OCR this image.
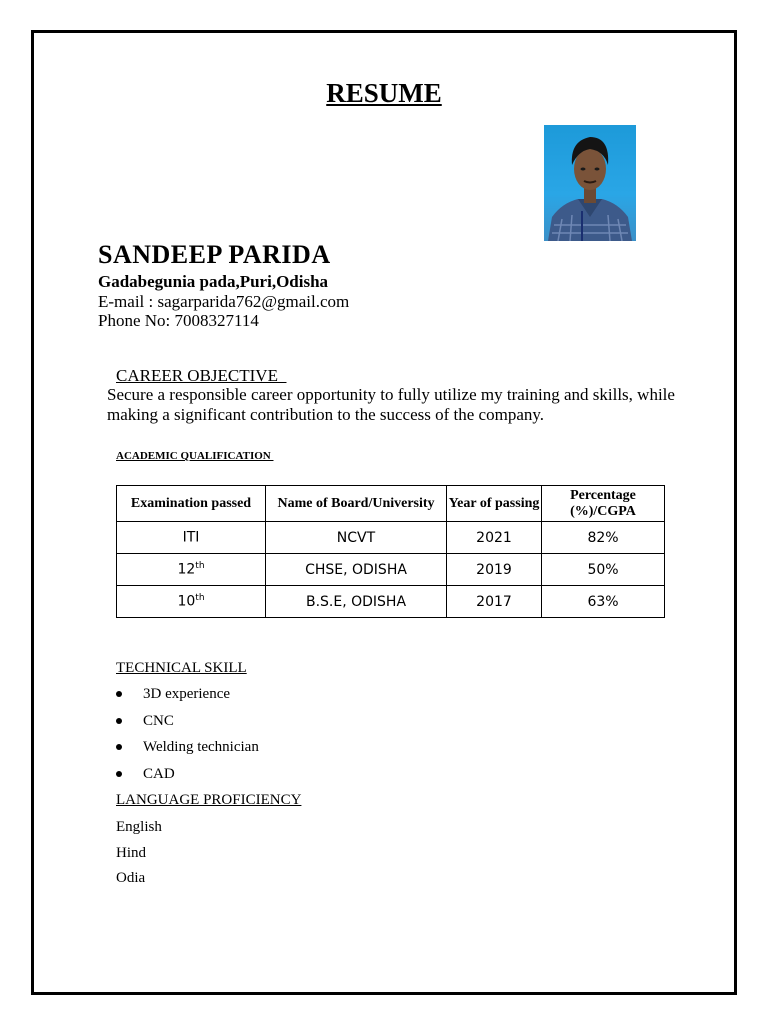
RESUME
SANDEEP PARIDA
Gadabegunia pada,Puri,Odisha
E-mail : sagarparida762@gmail.com
Phone No: 7008327114
CAREER OBJECTIVE
Secure a responsible career opportunity to fully utilize my training and skills, while making a significant contribution to the success of the company.
ACADEMIC QUALIFICATION
Examination passed	Name of Board/University	Year of passing	Percentage (%)/CGPA
ITI	NCVT	2021	82%
12th	CHSE, ODISHA	2019	50%
10th	B.S.E, ODISHA	2017	63%
TECHNICAL SKILL
3D experience
CNC
Welding technician
CAD
LANGUAGE PROFICIENCY
English
Hind
Odia
